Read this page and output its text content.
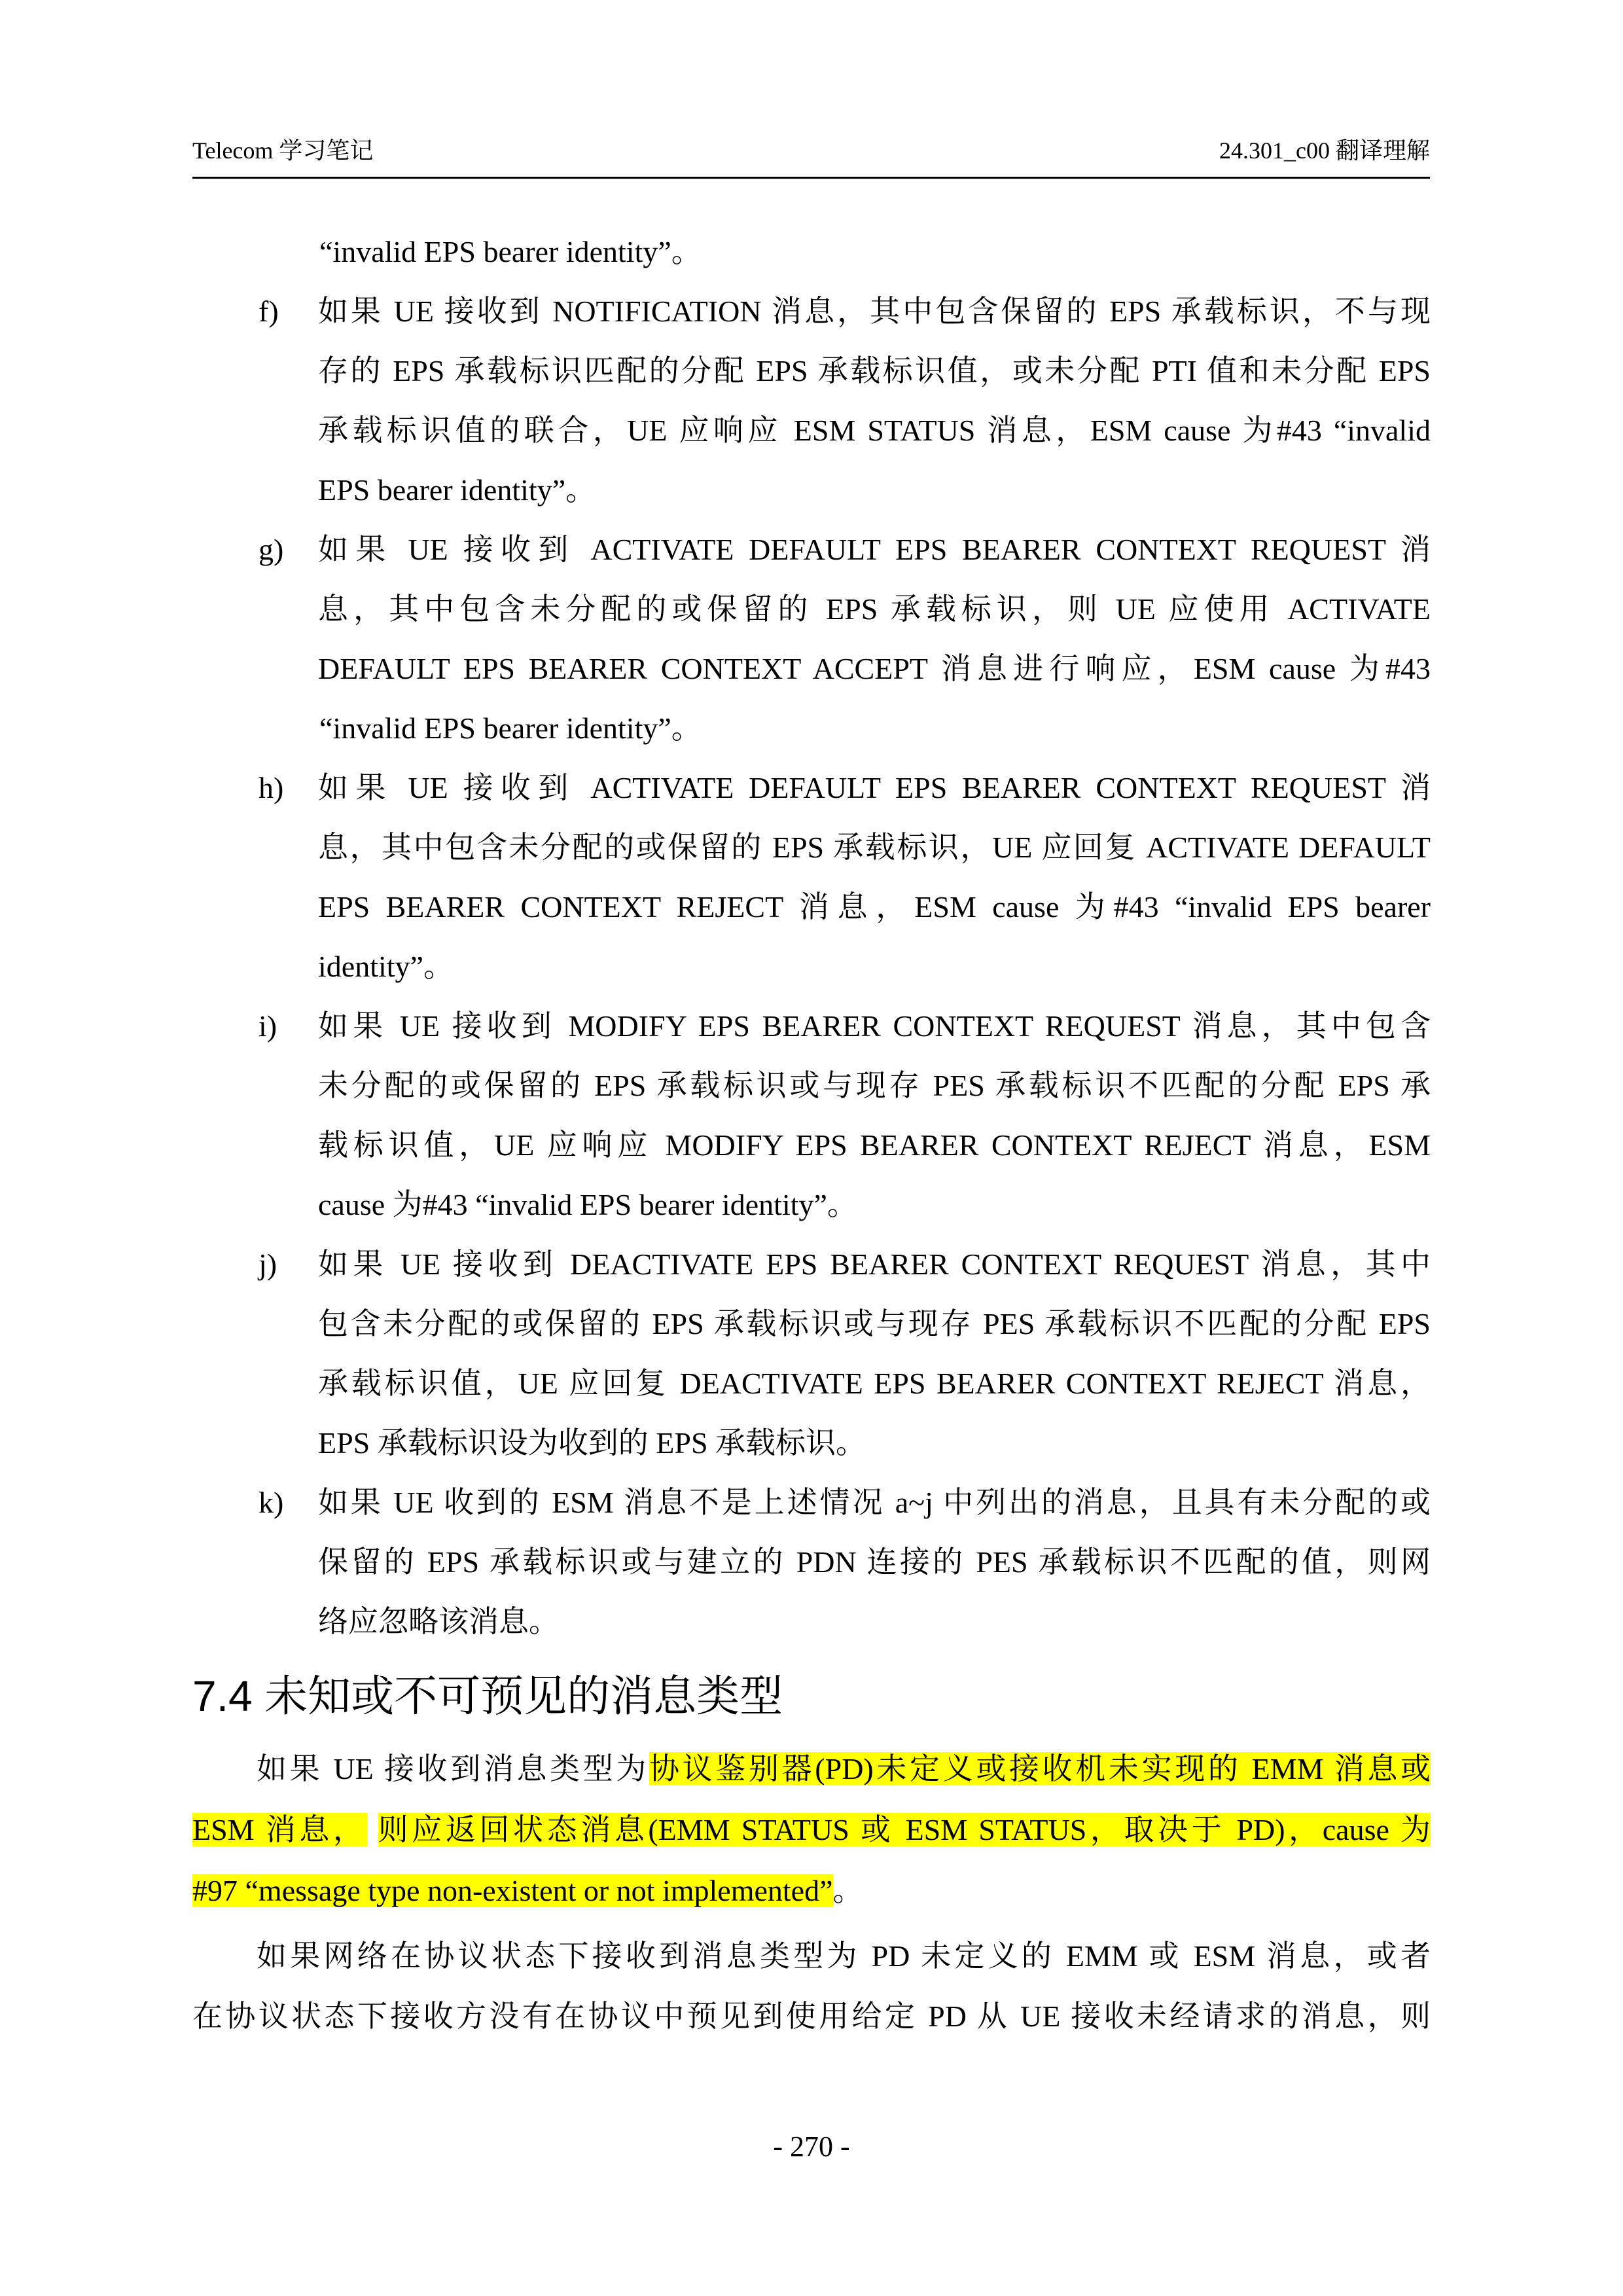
Telecom 学习笔记	24.301_c00 翻译理解
“invalid EPS bearer identity”。
f) 如果 UE 接收到 NOTIFICATION 消息，其中包含保留的 EPS 承载标识，不与现
存的 EPS 承载标识匹配的分配 EPS 承载标识值，或未分配 PTI 值和未分配 EPS
承载标识值的联合，UE 应响应 ESM STATUS 消息，ESM cause 为#43 “invalid
EPS bearer identity”。
g) 如果 UE 接收到 ACTIVATE DEFAULT EPS BEARER CONTEXT REQUEST 消
息，其中包含未分配的或保留的 EPS 承载标识，则 UE 应使用 ACTIVATE
DEFAULT EPS BEARER CONTEXT ACCEPT 消息进行响应，ESM cause 为#43
“invalid EPS bearer identity”。
h) 如果 UE 接收到 ACTIVATE DEFAULT EPS BEARER CONTEXT REQUEST 消
息，其中包含未分配的或保留的 EPS 承载标识，UE 应回复 ACTIVATE DEFAULT
EPS BEARER CONTEXT REJECT 消息，ESM cause 为#43 “invalid EPS bearer
identity”。
i) 如果 UE 接收到 MODIFY EPS BEARER CONTEXT REQUEST 消息，其中包含
未分配的或保留的 EPS 承载标识或与现存 PES 承载标识不匹配的分配 EPS 承
载标识值，UE 应响应 MODIFY EPS BEARER CONTEXT REJECT 消息，ESM
cause 为#43 “invalid EPS bearer identity”。
j) 如果 UE 接收到 DEACTIVATE EPS BEARER CONTEXT REQUEST 消息，其中
包含未分配的或保留的 EPS 承载标识或与现存 PES 承载标识不匹配的分配 EPS
承载标识值，UE 应回复 DEACTIVATE EPS BEARER CONTEXT REJECT 消息，
EPS 承载标识设为收到的 EPS 承载标识。
k) 如果 UE 收到的 ESM 消息不是上述情况 a~j 中列出的消息，且具有未分配的或
保留的 EPS 承载标识或与建立的 PDN 连接的 PES 承载标识不匹配的值，则网
络应忽略该消息。
7.4 未知或不可预见的消息类型
如果 UE 接收到消息类型为协议鉴别器(PD)未定义或接收机未实现的 EMM 消息或
ESM 消息， 则应返回状态消息(EMM STATUS 或 ESM STATUS，取决于 PD)，cause 为
#97 “message type non-existent or not implemented”。
如果网络在协议状态下接收到消息类型为 PD 未定义的 EMM 或 ESM 消息，或者
在协议状态下接收方没有在协议中预见到使用给定 PD 从 UE 接收未经请求的消息，则
- 270 -
